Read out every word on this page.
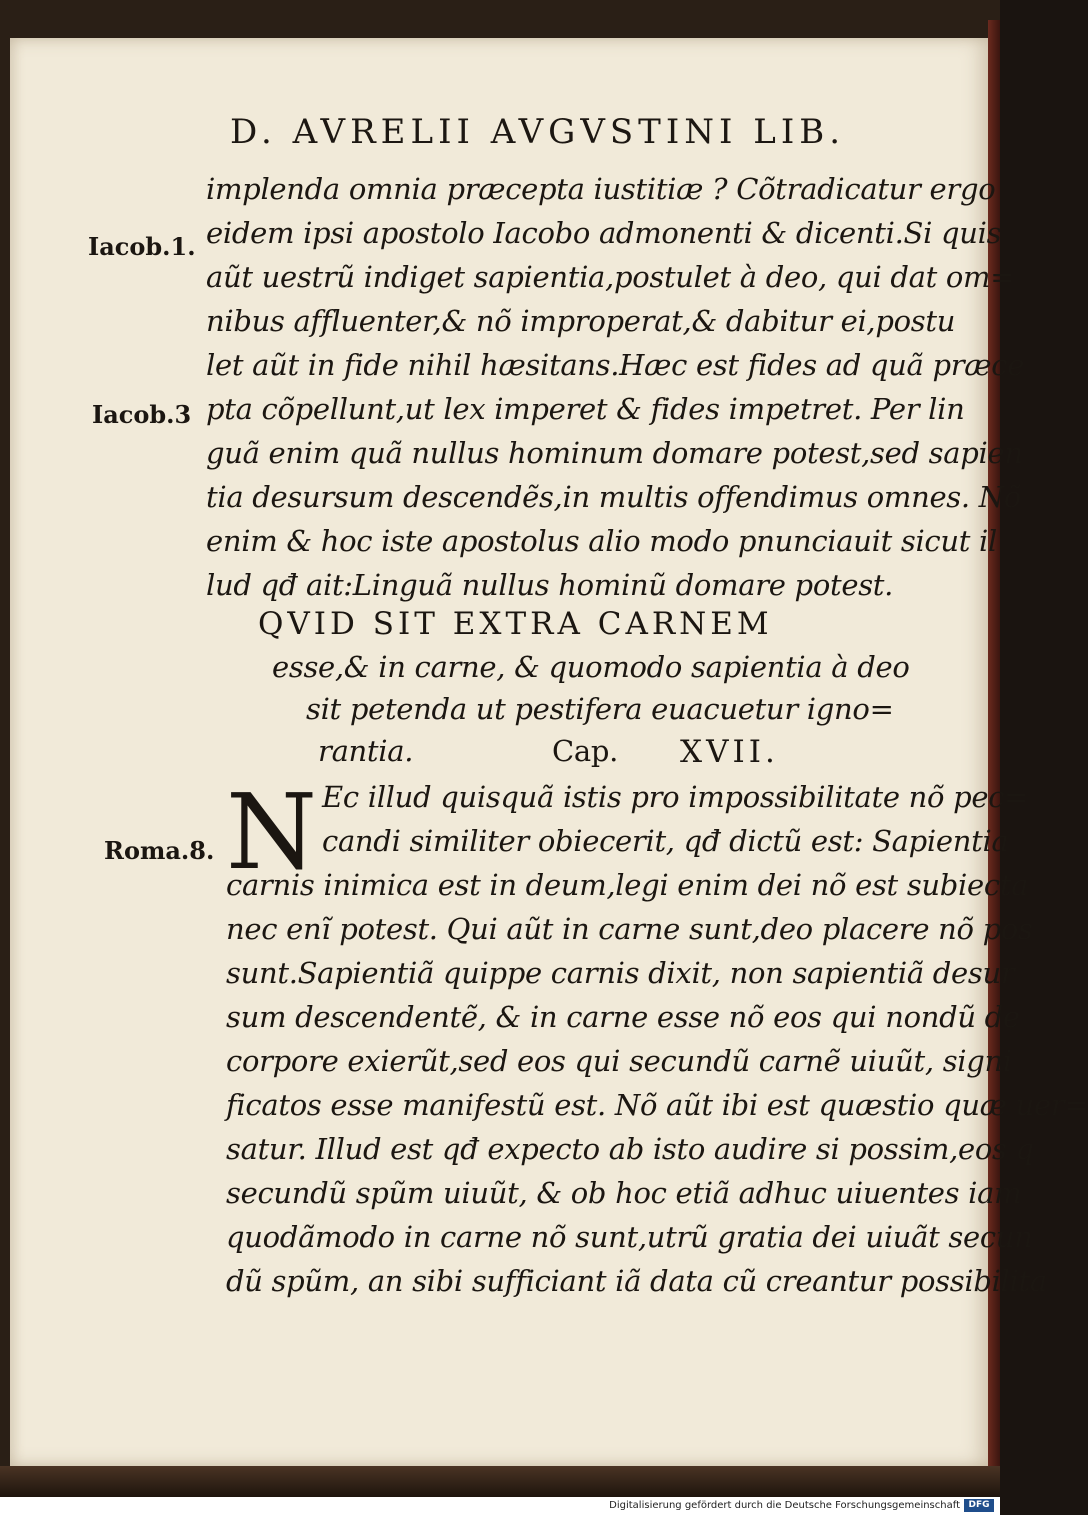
D. AVRELII AVGVSTINI LIB.
Iacob.1.
Iacob.3
Roma.8.
implenda omnia præcepta iustitiæ ? Cõtradicatur ergo
eidem ipsi apostolo Iacobo admonenti & dicenti.Si quis
aũt uestrũ indiget sapientia,postulet à deo, qui dat om=
nibus affluenter,& nõ improperat,& dabitur ei,postu
let aũt in fide nihil hæsitans.Hæc est fides ad quã præce
pta cõpellunt,ut lex imperet & fides impetret. Per lin
guã enim quã nullus hominum domare potest,sed sapien
tia desursum descendẽs,in multis offendimus omnes. Nõ
enim & hoc iste apostolus alio modo pnunciauit sicut il
lud qđ ait:Linguã nullus hominũ domare potest.
QVID SIT EXTRA CARNEM
esse,& in carne, & quomodo sapientia à deo
sit petenda ut pestifera euacuetur igno=
rantia.	Cap. XVII.
N Ec illud quisquã istis pro impossibilitate nõ pec=
candi similiter obiecerit, qđ dictũ est: Sapientia
carnis inimica est in deum,legi enim dei nõ est subiecta
nec enĩ potest. Qui aũt in carne sunt,deo placere nõ pos
sunt.Sapientiã quippe carnis dixit, non sapientiã desur
sum descendentẽ, & in carne esse nõ eos qui nondũ de
corpore exierũt,sed eos qui secundũ carnẽ uiuũt, signi
ficatos esse manifestũ est. Nõ aũt ibi est quæstio quæ uer=
satur. Illud est qđ expecto ab isto audire si possim,eos q
secundũ spũm uiuũt, & ob hoc etiã adhuc uiuentes iam
quodãmodo in carne nõ sunt,utrũ gratia dei uiuãt secun
dũ spũm, an sibi sufficiant iã data cũ creantur possibilita
Digitalisierung gefördert durch die Deutsche Forschungsgemeinschaft DFG
